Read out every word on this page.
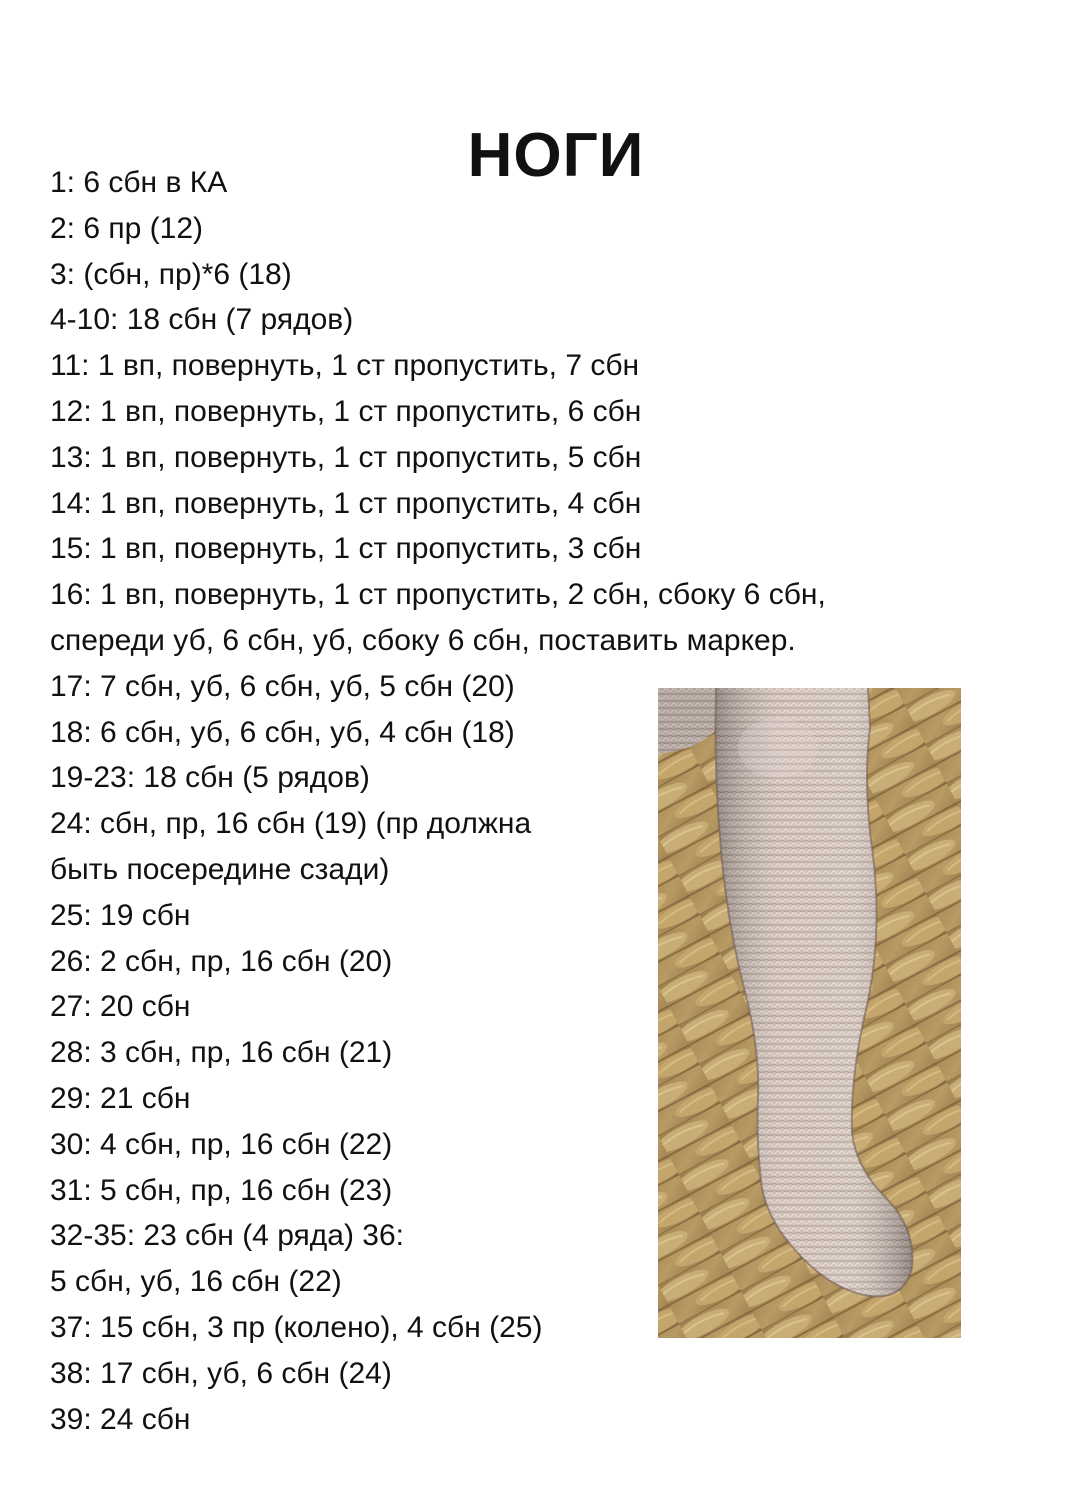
НОГИ
1: 6 сбн в КА
2: 6 пр (12)
3: (сбн, пр)*6 (18)
4-10: 18 сбн (7 рядов)
11: 1 вп, повернуть, 1 ст пропустить, 7 сбн
12: 1 вп, повернуть, 1 ст пропустить, 6 сбн
13: 1 вп, повернуть, 1 ст пропустить, 5 сбн
14: 1 вп, повернуть, 1 ст пропустить, 4 сбн
15: 1 вп, повернуть, 1 ст пропустить, 3 сбн
16: 1 вп, повернуть, 1 ст пропустить, 2 сбн, сбоку 6 сбн,
спереди уб, 6 сбн, уб, сбоку 6 сбн, поставить маркер.
17: 7 сбн, уб, 6 сбн, уб, 5 сбн (20)
18: 6 сбн, уб, 6 сбн, уб, 4 сбн (18)
19-23: 18 сбн (5 рядов)
24: сбн, пр, 16 сбн (19) (пр должна
быть посередине сзади)
25: 19 сбн
26: 2 сбн, пр, 16 сбн (20)
27: 20 сбн
28: 3 сбн, пр, 16 сбн (21)
29: 21 сбн
30: 4 сбн, пр, 16 сбн (22)
31: 5 сбн, пр, 16 сбн (23)
32-35: 23 сбн (4 ряда) 36:
5 сбн, уб, 16 сбн (22)
37: 15 сбн, 3 пр (колено), 4 сбн (25)
38: 17 сбн, уб, 6 сбн (24)
39: 24 сбн
